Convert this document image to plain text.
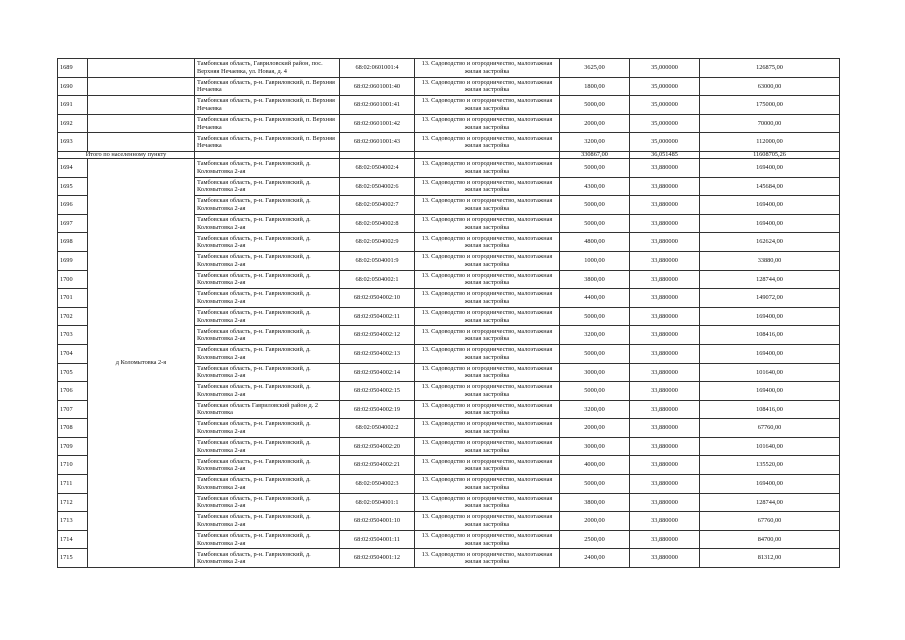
1689		Тамбовская область, Гавриловский район, пос. Верхняя Нечаевка, ул. Новая, д. 4	68:02:0601001:4	13. Садоводство и огородничество, малоэтажная жилая застройка	3625,00	35,000000	126875,00
1690		Тамбовская область, р-н. Гавриловский, п. Верхняя Нечаевка	68:02:0601001:40	13. Садоводство и огородничество, малоэтажная жилая застройка	1800,00	35,000000	63000,00
1691		Тамбовская область, р-н. Гавриловский, п. Верхняя Нечаевка	68:02:0601001:41	13. Садоводство и огородничество, малоэтажная жилая застройка	5000,00	35,000000	175000,00
1692		Тамбовская область, р-н. Гавриловский, п. Верхняя Нечаевка	68:02:0601001:42	13. Садоводство и огородничество, малоэтажная жилая застройка	2000,00	35,000000	70000,00
1693		Тамбовская область, р-н. Гавриловский, п. Верхняя Нечаевка	68:02:0601001:43	13. Садоводство и огородничество, малоэтажная жилая застройка	3200,00	35,000000	112000,00
Итого по населенному пункту					330867,00	36,051485	11608705,26
1694	д Коломытовка 2-я	Тамбовская область, р-н. Гавриловский, д. Коломытовка 2-ая	68:02:0504002:4	13. Садоводство и огородничество, малоэтажная жилая застройка	5000,00	33,880000	169400,00
1695		Тамбовская область, р-н. Гавриловский, д. Коломытовка 2-ая	68:02:0504002:6	13. Садоводство и огородничество, малоэтажная жилая застройка	4300,00	33,880000	145684,00
1696		Тамбовская область, р-н. Гавриловский, д. Коломытовка 2-ая	68:02:0504002:7	13. Садоводство и огородничество, малоэтажная жилая застройка	5000,00	33,880000	169400,00
1697		Тамбовская область, р-н. Гавриловский, д. Коломытовка 2-ая	68:02:0504002:8	13. Садоводство и огородничество, малоэтажная жилая застройка	5000,00	33,880000	169400,00
1698		Тамбовская область, р-н. Гавриловский, д. Коломытовка 2-ая	68:02:0504002:9	13. Садоводство и огородничество, малоэтажная жилая застройка	4800,00	33,880000	162624,00
1699		Тамбовская область, р-н. Гавриловский, д. Коломытовка 2-ая	68:02:0504001:9	13. Садоводство и огородничество, малоэтажная жилая застройка	1000,00	33,880000	33880,00
1700		Тамбовская область, р-н. Гавриловский, д. Коломытовка 2-ая	68:02:0504002:1	13. Садоводство и огородничество, малоэтажная жилая застройка	3800,00	33,880000	128744,00
1701		Тамбовская область, р-н. Гавриловский, д. Коломытовка 2-ая	68:02:0504002:10	13. Садоводство и огородничество, малоэтажная жилая застройка	4400,00	33,880000	149072,00
1702		Тамбовская область, р-н. Гавриловский, д. Коломытовка 2-ая	68:02:0504002:11	13. Садоводство и огородничество, малоэтажная жилая застройка	5000,00	33,880000	169400,00
1703		Тамбовская область, р-н. Гавриловский, д. Коломытовка 2-ая	68:02:0504002:12	13. Садоводство и огородничество, малоэтажная жилая застройка	3200,00	33,880000	108416,00
1704		Тамбовская область, р-н. Гавриловский, д. Коломытовка 2-ая	68:02:0504002:13	13. Садоводство и огородничество, малоэтажная жилая застройка	5000,00	33,880000	169400,00
1705		Тамбовская область, р-н. Гавриловский, д. Коломытовка 2-ая	68:02:0504002:14	13. Садоводство и огородничество, малоэтажная жилая застройка	3000,00	33,880000	101640,00
1706		Тамбовская область, р-н. Гавриловский, д. Коломытовка 2-ая	68:02:0504002:15	13. Садоводство и огородничество, малоэтажная жилая застройка	5000,00	33,880000	169400,00
1707		Тамбовская область Гавриловский район д. 2 Коломытовка	68:02:0504002:19	13. Садоводство и огородничество, малоэтажная жилая застройка	3200,00	33,880000	108416,00
1708		Тамбовская область, р-н. Гавриловский, д. Коломытовка 2-ая	68:02:0504002:2	13. Садоводство и огородничество, малоэтажная жилая застройка	2000,00	33,880000	67760,00
1709		Тамбовская область, р-н. Гавриловский, д. Коломытовка 2-ая	68:02:0504002:20	13. Садоводство и огородничество, малоэтажная жилая застройка	3000,00	33,880000	101640,00
1710		Тамбовская область, р-н. Гавриловский, д. Коломытовка 2-ая	68:02:0504002:21	13. Садоводство и огородничество, малоэтажная жилая застройка	4000,00	33,880000	135520,00
1711		Тамбовская область, р-н. Гавриловский, д. Коломытовка 2-ая	68:02:0504002:3	13. Садоводство и огородничество, малоэтажная жилая застройка	5000,00	33,880000	169400,00
1712		Тамбовская область, р-н. Гавриловский, д. Коломытовка 2-ая	68:02:0504001:1	13. Садоводство и огородничество, малоэтажная жилая застройка	3800,00	33,880000	128744,00
1713		Тамбовская область, р-н. Гавриловский, д. Коломытовка 2-ая	68:02:0504001:10	13. Садоводство и огородничество, малоэтажная жилая застройка	2000,00	33,880000	67760,00
1714		Тамбовская область, р-н. Гавриловский, д. Коломытовка 2-ая	68:02:0504001:11	13. Садоводство и огородничество, малоэтажная жилая застройка	2500,00	33,880000	84700,00
1715		Тамбовская область, р-н. Гавриловский, д. Коломытовка 2-ая	68:02:0504001:12	13. Садоводство и огородничество, малоэтажная жилая застройка	2400,00	33,880000	81312,00
